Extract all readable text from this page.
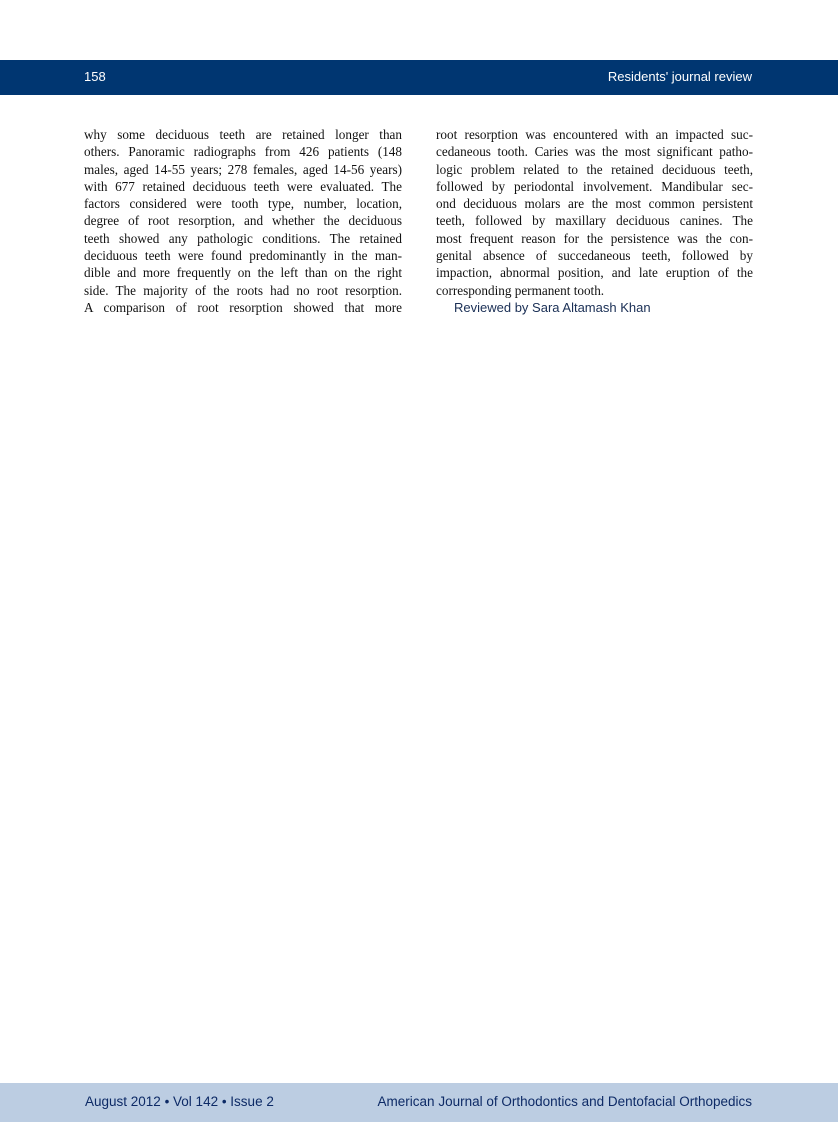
158	Residents' journal review
why some deciduous teeth are retained longer than
others. Panoramic radiographs from 426 patients (148
males, aged 14-55 years; 278 females, aged 14-56 years)
with 677 retained deciduous teeth were evaluated. The
factors considered were tooth type, number, location,
degree of root resorption, and whether the deciduous
teeth showed any pathologic conditions. The retained
deciduous teeth were found predominantly in the man-
dible and more frequently on the left than on the right
side. The majority of the roots had no root resorption.
A comparison of root resorption showed that more
root resorption was encountered with an impacted suc-
cedaneous tooth. Caries was the most significant patho-
logic problem related to the retained deciduous teeth,
followed by periodontal involvement. Mandibular sec-
ond deciduous molars are the most common persistent
teeth, followed by maxillary deciduous canines. The
most frequent reason for the persistence was the con-
genital absence of succedaneous teeth, followed by
impaction, abnormal position, and late eruption of the
corresponding permanent tooth.
Reviewed by Sara Altamash Khan
August 2012 • Vol 142 • Issue 2	American Journal of Orthodontics and Dentofacial Orthopedics
